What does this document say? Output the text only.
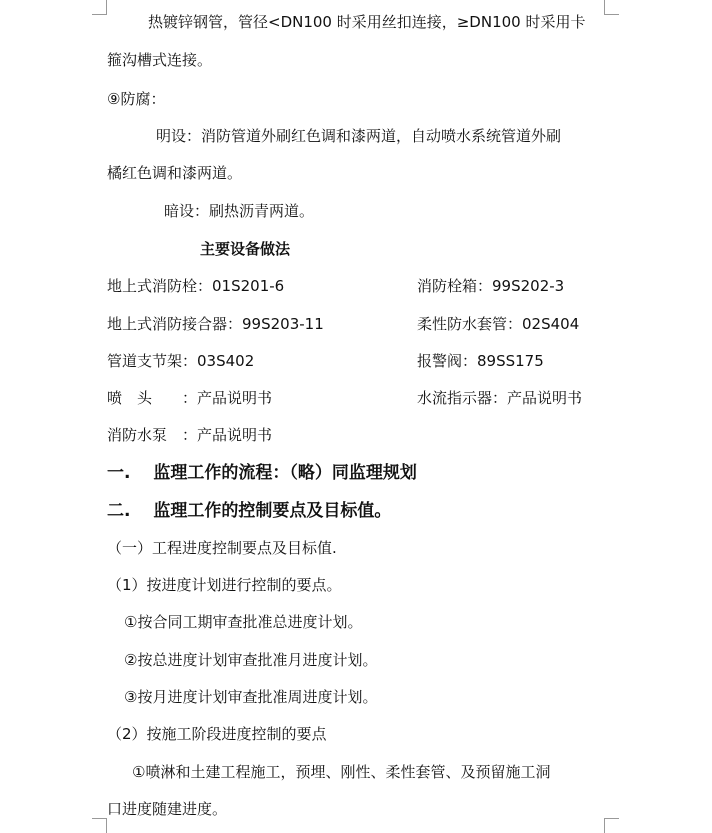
热镀锌钢管，管径<DN100 时采用丝扣连接，≥DN100 时采用卡
箍沟槽式连接。
⑨防腐：
明设：消防管道外刷红色调和漆两道，自动喷水系统管道外刷
橘红色调和漆两道。
暗设：刷热沥青两道。
主要设备做法
地上式消防栓：01S201-6	消防栓箱：99S202-3
地上式消防接合器：99S203-11	柔性防水套管：02S404
管道支节架：03S402	报警阀：89SS175
喷　头　　：产品说明书	水流指示器：产品说明书
消防水泵　：产品说明书
一.　 监理工作的流程：（略）同监理规划
二.　 监理工作的控制要点及目标值。
（一）工程进度控制要点及目标值.
（1）按进度计划进行控制的要点。
①按合同工期审查批准总进度计划。
②按总进度计划审查批准月进度计划。
③按月进度计划审查批准周进度计划。
（2）按施工阶段进度控制的要点
①喷淋和土建工程施工，预埋、刚性、柔性套管、及预留施工洞
口进度随建进度。
